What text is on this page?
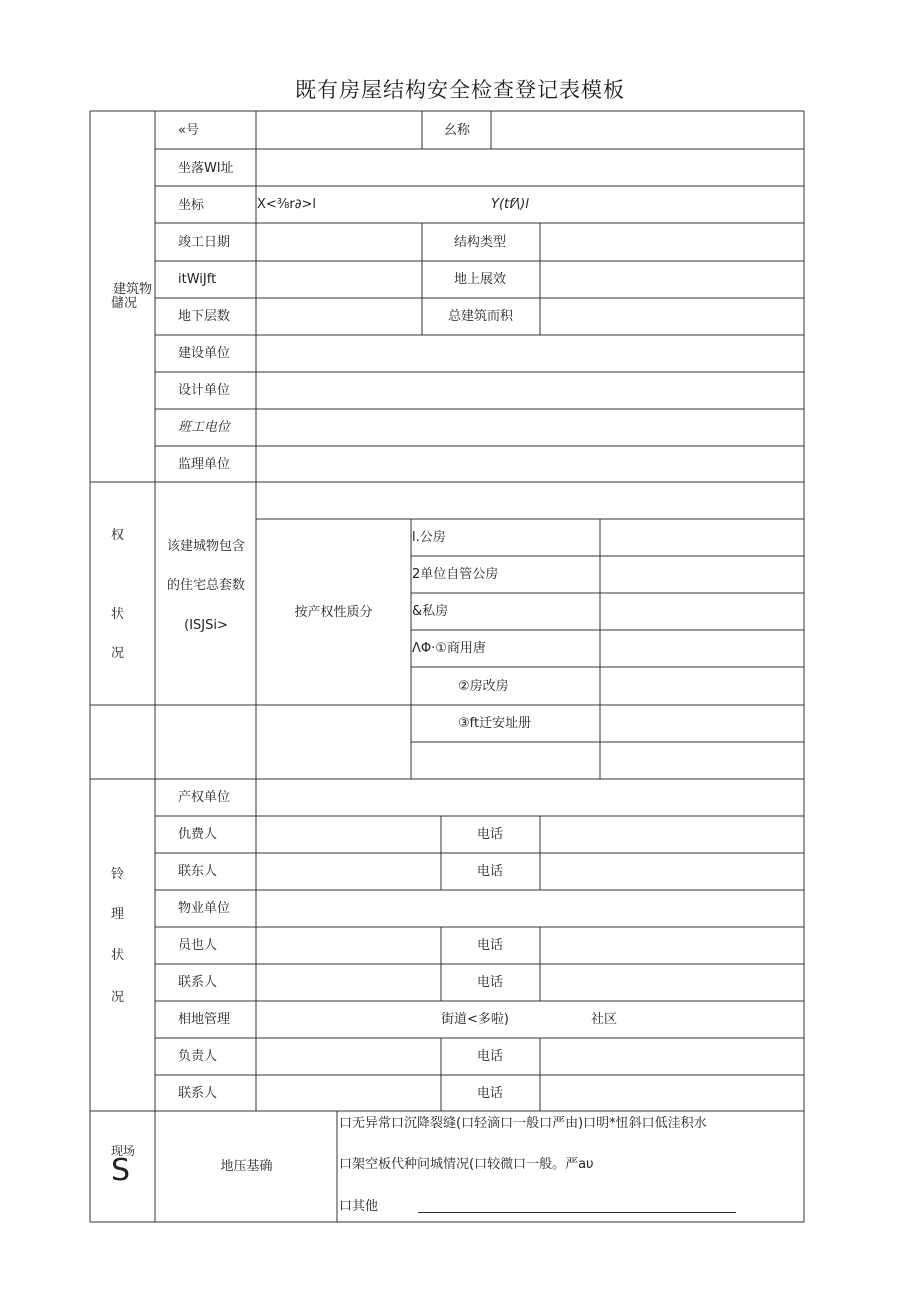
既有房屋结构安全检查登记表模板
建筑物
儲况
«号	幺称
坐落Wl址
坐标	X<⅜r∂>l	Y(tf⁄\)l
竣工日期	结构类型
itWiJft	地上展效
地下层数	总建筑而积
建设单位
设计单位
班工电位
监理单位
权
状
况
该建城物包含
的住宅总套数
(ISJSi>
按产权性质分
l.公房
2单位自管公房
&私房
ΛΦ·①商用唐
②房改房
③ft迁安址册
铃
理
状
况
产权单位
仇费人	电话
联东人	电话
物业单位
员也人	电话
联系人	电话
相地管理	街道<多啦)	社区
负责人	电话
联系人	电话
现场
S	地压基确
口无异常口沉降裂缝(口轻滴口一般口严由)口明*忸斜口低洼积水
口架空板代种问城情况(口较微口一般。严aυ
口其他
